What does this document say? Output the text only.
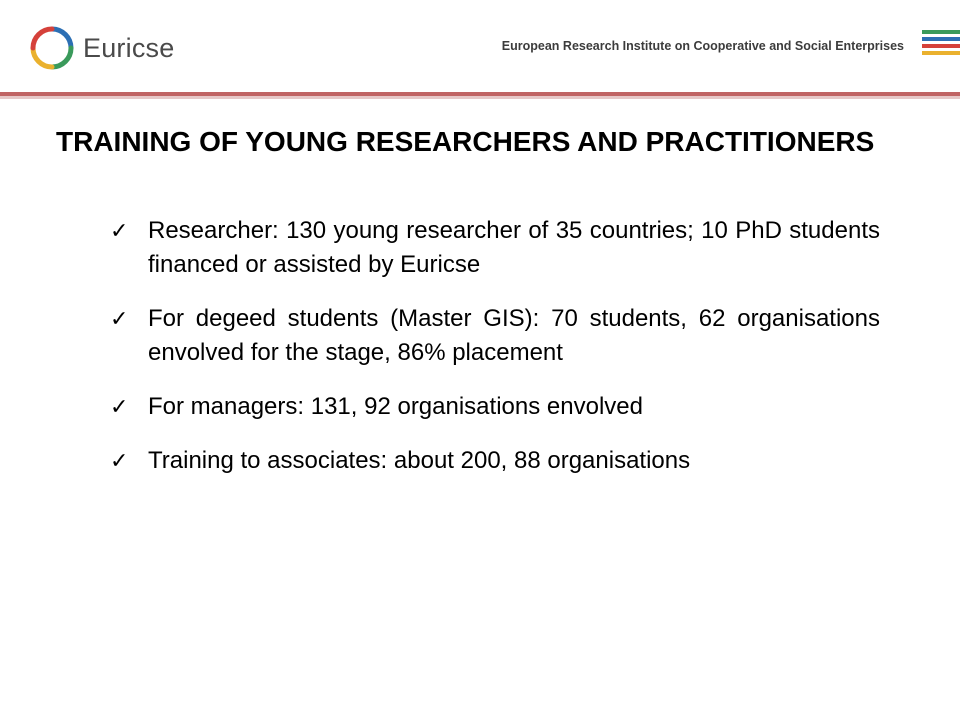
Euricse	European Research Institute on Cooperative and Social Enterprises
TRAINING OF YOUNG RESEARCHERS AND PRACTITIONERS
✓ Researcher: 130 young researcher of 35 countries; 10 PhD students financed or assisted by Euricse
✓ For degeed students (Master GIS): 70 students, 62 organisations envolved for the stage, 86% placement
✓ For managers: 131, 92 organisations envolved
✓ Training to associates: about 200, 88 organisations
